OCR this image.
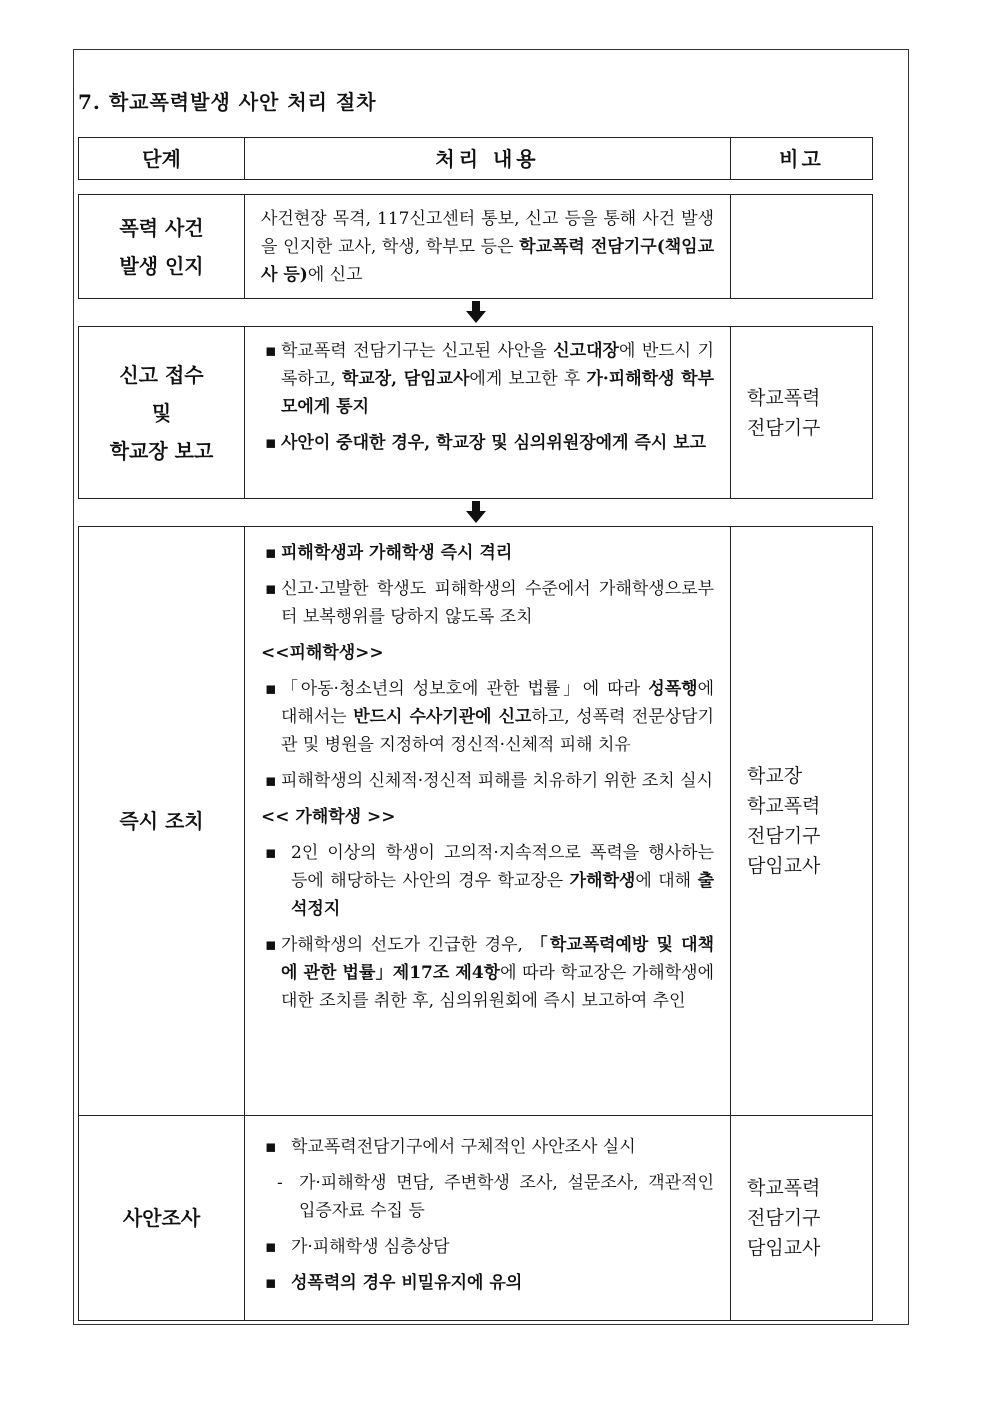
7. 학교폭력발생 사안 처리 절차
단계	처리 내용	비고
폭력 사건
발생 인지
사건현장 목격, 117신고센터 통보, 신고 등을 통해 사건 발생을 인지한 교사, 학생, 학부모 등은 학교폭력 전담기구(책임교사 등)에 신고
신고 접수
및
학교장 보고
▪ 학교폭력 전담기구는 신고된 사안을 신고대장에 반드시 기록하고, 학교장, 담임교사에게 보고한 후 가·피해학생 학부모에게 통지
▪ 사안이 중대한 경우, 학교장 및 심의위원장에게 즉시 보고
학교폭력
전담기구
즉시 조치
▪ 피해학생과 가해학생 즉시 격리
▪ 신고·고발한 학생도 피해학생의 수준에서 가해학생으로부터 보복행위를 당하지 않도록 조치
<<피해학생>>
▪ 「아동·청소년의 성보호에 관한 법률」에 따라 성폭행에 대해서는 반드시 수사기관에 신고하고, 성폭력 전문상담기관 및 병원을 지정하여 정신적·신체적 피해 치유
▪ 피해학생의 신체적·정신적 피해를 치유하기 위한 조치 실시
<< 가해학생 >>
▪ 2인 이상의 학생이 고의적·지속적으로 폭력을 행사하는 등에 해당하는 사안의 경우 학교장은 가해학생에 대해 출석정지
▪ 가해학생의 선도가 긴급한 경우, 「학교폭력예방 및 대책에 관한 법률」제17조 제4항에 따라 학교장은 가해학생에 대한 조치를 취한 후, 심의위원회에 즉시 보고하여 추인
학교장
학교폭력
전담기구
담임교사
사안조사
▪ 학교폭력전담기구에서 구체적인 사안조사 실시
- 가·피해학생 면담, 주변학생 조사, 설문조사, 객관적인 입증자료 수집 등
▪ 가·피해학생 심층상담
▪ 성폭력의 경우 비밀유지에 유의
학교폭력
전담기구
담임교사
